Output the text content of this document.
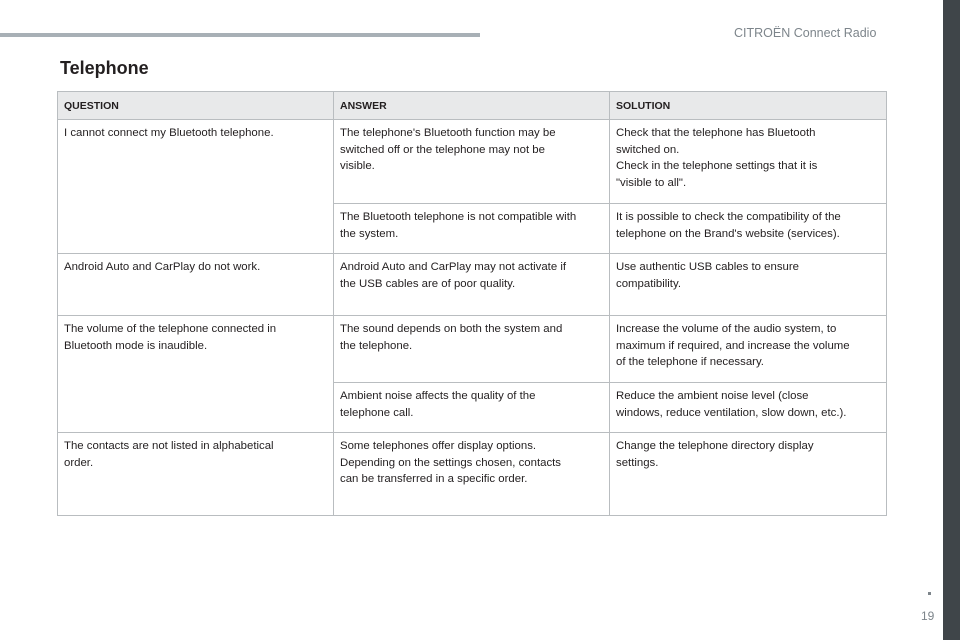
CITROËN Connect Radio
Telephone
QUESTION	ANSWER	SOLUTION

I cannot connect my Bluetooth telephone.	The telephone's Bluetooth function may be
switched off or the telephone may not be
visible.	Check that the telephone has Bluetooth
switched on.
Check in the telephone settings that it is
"visible to all".

	The Bluetooth telephone is not compatible with
the system.	It is possible to check the compatibility of the
telephone on the Brand's website (services).

Android Auto and CarPlay do not work.	Android Auto and CarPlay may not activate if
the USB cables are of poor quality.	Use authentic USB cables to ensure
compatibility.

The volume of the telephone connected in
Bluetooth mode is inaudible.	The sound depends on both the system and
the telephone.	Increase the volume of the audio system, to
maximum if required, and increase the volume
of the telephone if necessary.

	Ambient noise affects the quality of the
telephone call.	Reduce the ambient noise level (close
windows, reduce ventilation, slow down, etc.).

The contacts are not listed in alphabetical
order.	Some telephones offer display options.
Depending on the settings chosen, contacts
can be transferred in a specific order.	Change the telephone directory display
settings.
19
